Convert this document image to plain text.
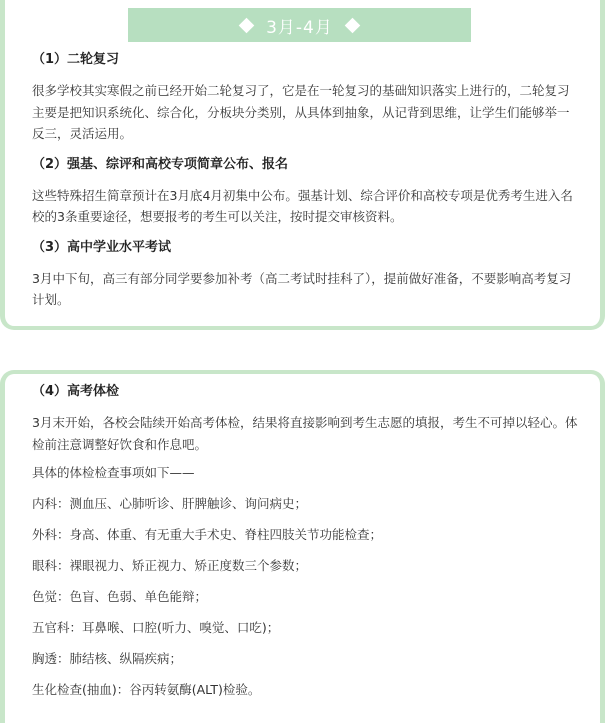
3月-4月
（1）二轮复习
很多学校其实寒假之前已经开始二轮复习了，它是在一轮复习的基础知识落实上进行的，二轮复习主要是把知识系统化、综合化，分板块分类别，从具体到抽象，从记背到思维，让学生们能够举一反三，灵活运用。
（2）强基、综评和高校专项简章公布、报名
这些特殊招生简章预计在3月底4月初集中公布。强基计划、综合评价和高校专项是优秀考生进入名校的3条重要途径，想要报考的考生可以关注，按时提交审核资料。
（3）高中学业水平考试
3月中下旬，高三有部分同学要参加补考（高二考试时挂科了），提前做好准备，不要影响高考复习计划。
（4）高考体检
3月末开始，各校会陆续开始高考体检，结果将直接影响到考生志愿的填报，考生不可掉以轻心。体检前注意调整好饮食和作息吧。
具体的体检检查事项如下——
内科：测血压、心肺听诊、肝脾触诊、询问病史；
外科：身高、体重、有无重大手术史、脊柱四肢关节功能检查；
眼科：裸眼视力、矫正视力、矫正度数三个参数；
色觉：色盲、色弱、单色能辩；
五官科：耳鼻喉、口腔(听力、嗅觉、口吃)；
胸透：肺结核、纵隔疾病；
生化检查(抽血)：谷丙转氨酶(ALT)检验。
